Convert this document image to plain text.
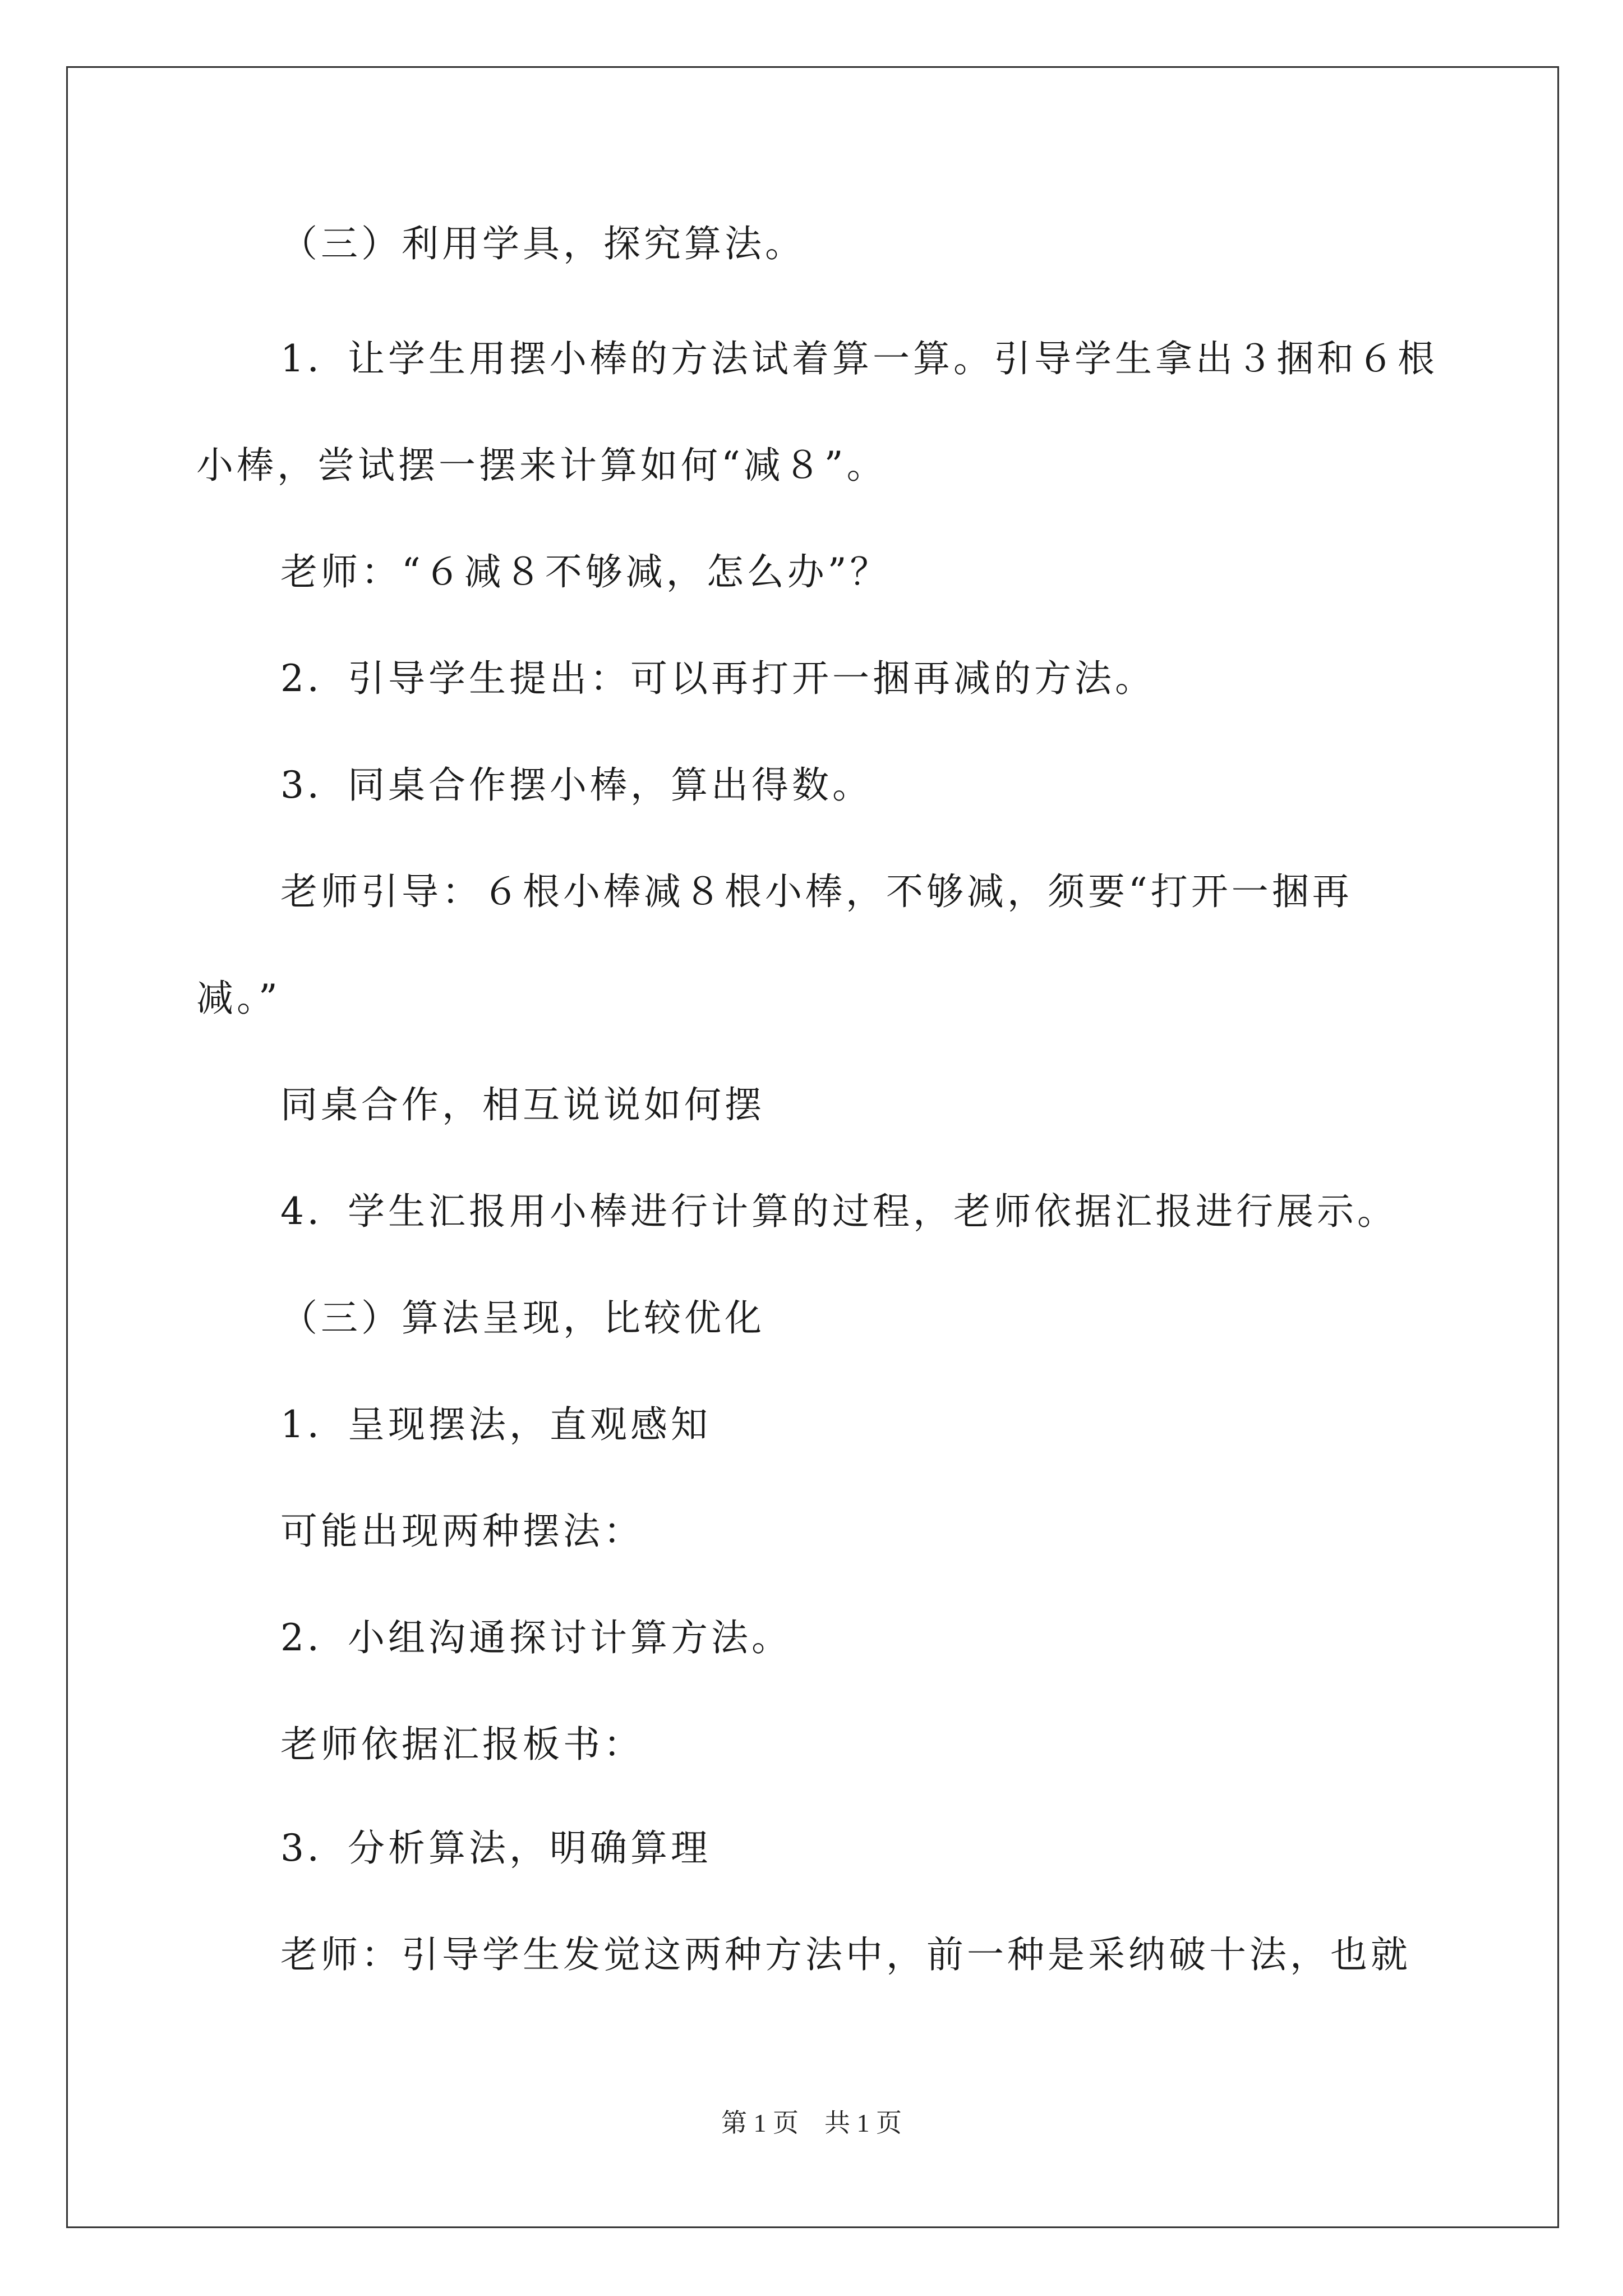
（三）利用学具，探究算法。
1．让学生用摆小棒的方法试着算一算。引导学生拿出３捆和６根
小棒，尝试摆一摆来计算如何“减８”。
老师：“６减８不够减，怎么办”？
2．引导学生提出：可以再打开一捆再减的方法。
3．同桌合作摆小棒，算出得数。
老师引导：６根小棒减８根小棒，不够减，须要“打开一捆再
减。”
同桌合作，相互说说如何摆
4．学生汇报用小棒进行计算的过程，老师依据汇报进行展示。
（三）算法呈现，比较优化
1．呈现摆法，直观感知
可能出现两种摆法：
2．小组沟通探讨计算方法。
老师依据汇报板书：
3．分析算法，明确算理
老师：引导学生发觉这两种方法中，前一种是采纳破十法，也就
第 1 页　共 1 页
